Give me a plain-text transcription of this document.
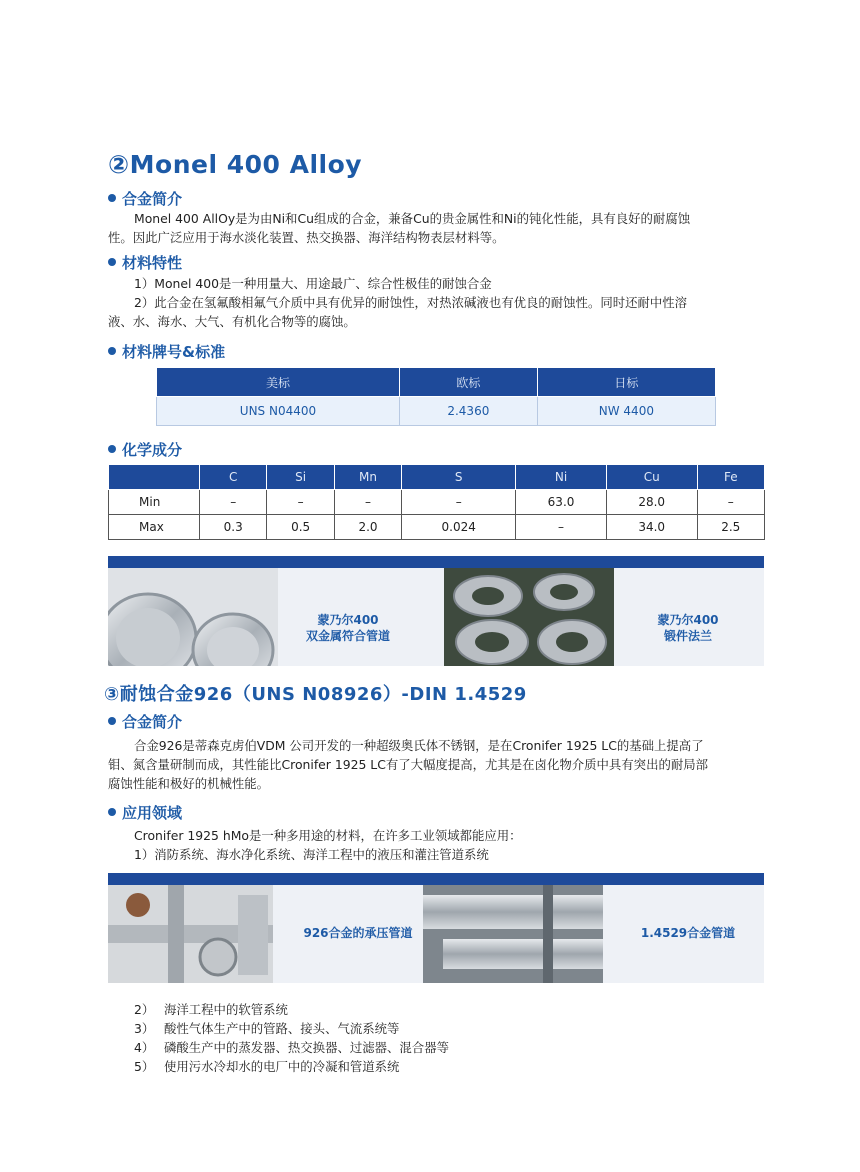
②Monel 400 Alloy
合金简介
Monel 400 AllOy是为由Ni和Cu组成的合金，兼备Cu的贵金属性和Ni的钝化性能，具有良好的耐腐蚀
性。因此广泛应用于海水淡化装置、热交换器、海洋结构物表层材料等。
材料特性
1）Monel 400是一种用量大、用途最广、综合性极佳的耐蚀合金
2）此合金在氢氟酸相氟气介质中具有优异的耐蚀性，对热浓碱液也有优良的耐蚀性。同时还耐中性溶
液、水、海水、大气、有机化合物等的腐蚀。
材料牌号&标准
美标	欧标	日标
UNS N04400	2.4360	NW 4400
化学成分
	C	Si	Mn	S	Ni	Cu	Fe
Min	–	–	–	–	63.0	28.0	–
Max	0.3	0.5	2.0	0.024	–	34.0	2.5
蒙乃尔400
双金属符合管道
蒙乃尔400
锻件法兰
③耐蚀合金926（UNS N08926）-DIN 1.4529
合金简介
合金926是蒂森克虏伯VDM 公司开发的一种超级奥氏体不锈钢，是在Cronifer 1925 LC的基础上提高了
钼、氮含量研制而成，其性能比Cronifer 1925 LC有了大幅度提高，尤其是在卤化物介质中具有突出的耐局部
腐蚀性能和极好的机械性能。
应用领域
Cronifer 1925 hMo是一种多用途的材料，在许多工业领域都能应用：
1）消防系统、海水净化系统、海洋工程中的液压和灌注管道系统
926合金的承压管道	1.4529合金管道
2） 海洋工程中的软管系统
3） 酸性气体生产中的管路、接头、气流系统等
4） 磷酸生产中的蒸发器、热交换器、过滤器、混合器等
5） 使用污水冷却水的电厂中的冷凝和管道系统
